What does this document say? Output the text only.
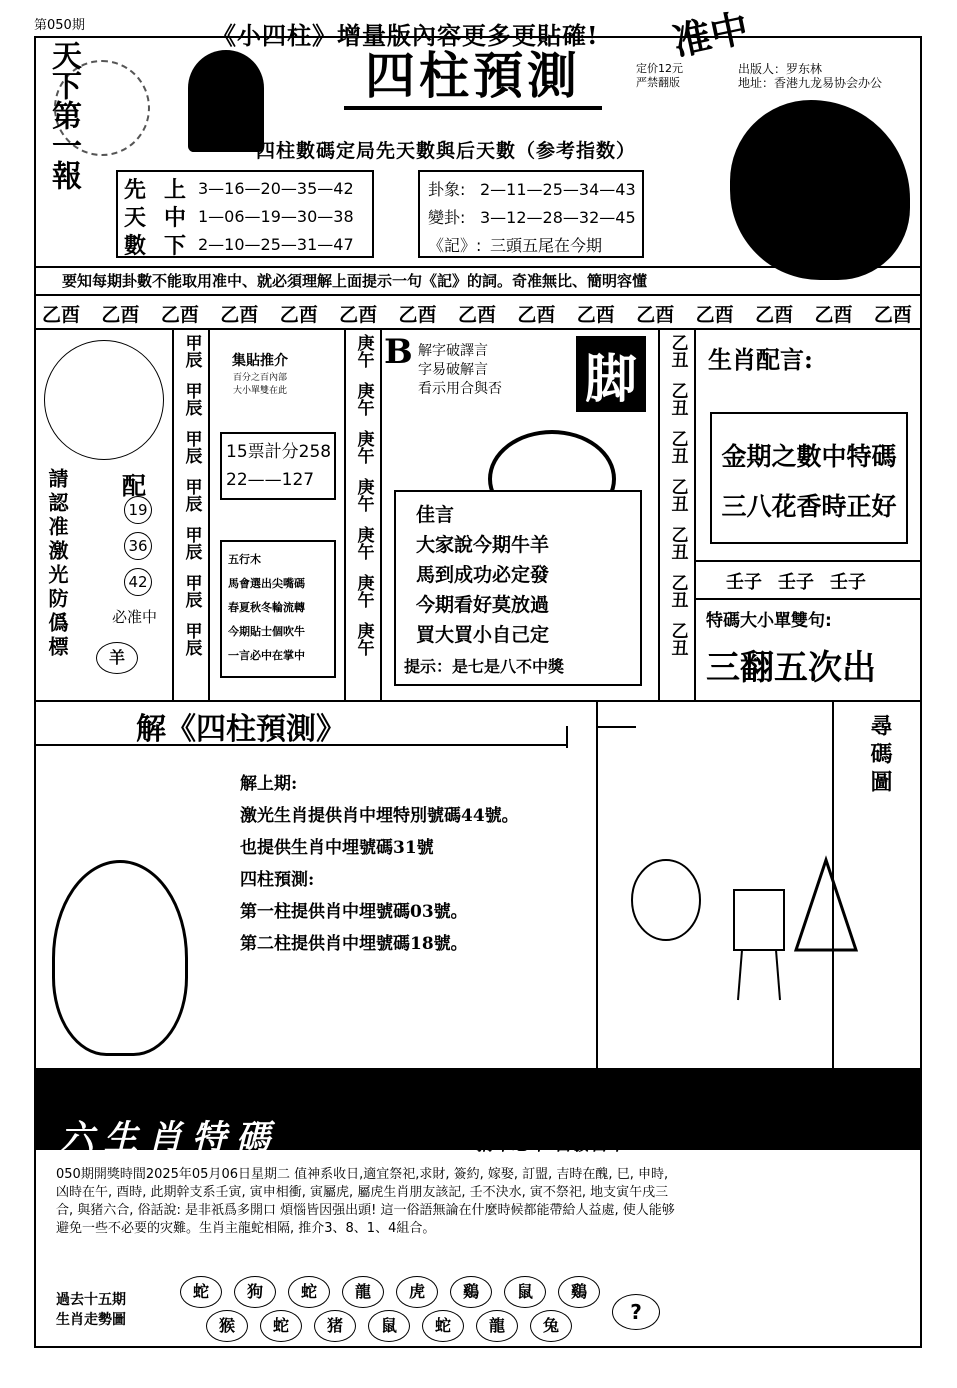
第050期	《小四柱》增量版內容更多更貼確!
天下第一報	四柱預測	定价12元
严禁翻版
出版人：罗东林
地址：香港九龙易协会办公
准中
四柱數碼定局先天數與后天數（参考指数）
先 上 3—16—20—35—42
天 中 1—06—19—30—38
數 下 2—10—25—31—47
卦象: 2—11—25—34—43
變卦: 3—12—28—32—45
《記》: 三頭五尾在今期
要知每期卦數不能取用准中、就必須理解上面提示一句《記》的詞。奇准無比、簡明容懂
乙酉 乙酉 乙酉 乙酉 乙酉 乙酉 乙酉 乙酉 乙酉 乙酉 乙酉 乙酉 乙酉 乙酉 乙酉
請認准激光防僞標 配
19
36
42
必准中
羊
甲辰
甲辰
甲辰
甲辰
甲辰
甲辰
甲辰
集貼推介
百分之百內部
大小單雙在此
15票計分258
22——127
五行木
馬會選出尖嘴碼
春夏秋冬輪流轉
今期貼士個吹牛
一言必中在掌中
庚午
庚午
庚午
庚午
庚午
庚午
庚午
B 解字破譯言
字易破解言
看示用合與否 脚
佳言
大家說今期牛羊
馬到成功必定發
今期看好莫放過
買大買小自己定
提示：是七是八不中獎
乙丑
乙丑
乙丑
乙丑
乙丑
乙丑
乙丑
生肖配言:
金期之數中特碼
三八花香時正好
壬子 壬子 壬子
特碼大小單雙句:
三翻五次出
解《四柱預測》
解上期:
激光生肖提供肖中埋特別號碼44號。
也提供生肖中埋號碼31號
四柱預測:
第一柱提供肖中埋號碼03號。
第二柱提供肖中埋號碼18號。
尋碼圖
六生肖特碼	猜中必中 百發百中
050期開獎時間2025年05月06日星期二 值神系收日,適宜祭祀,求財, 簽約, 嫁娶, 訂盟, 吉時在醜, 巳, 申時, 凶時在午, 酉時, 此期幹支系壬寅, 寅申相衝, 寅屬虎, 屬虎生肖朋友該記, 壬不決水, 寅不祭祀, 地支寅午戌三合, 與猪六合, 俗話說: 是非祇爲多開口 煩惱皆因强出頭! 這一俗語無論在什麼時候都能帶給人益處, 使人能够避免一些不必要的灾難。生肖主龍蛇相隔, 推介3、8、1、4組合。
過去十五期
生肖走勢圖
蛇	狗	蛇	龍	虎	鷄	鼠	鷄
猴	蛇	猪	鼠	蛇	龍	兔
?
